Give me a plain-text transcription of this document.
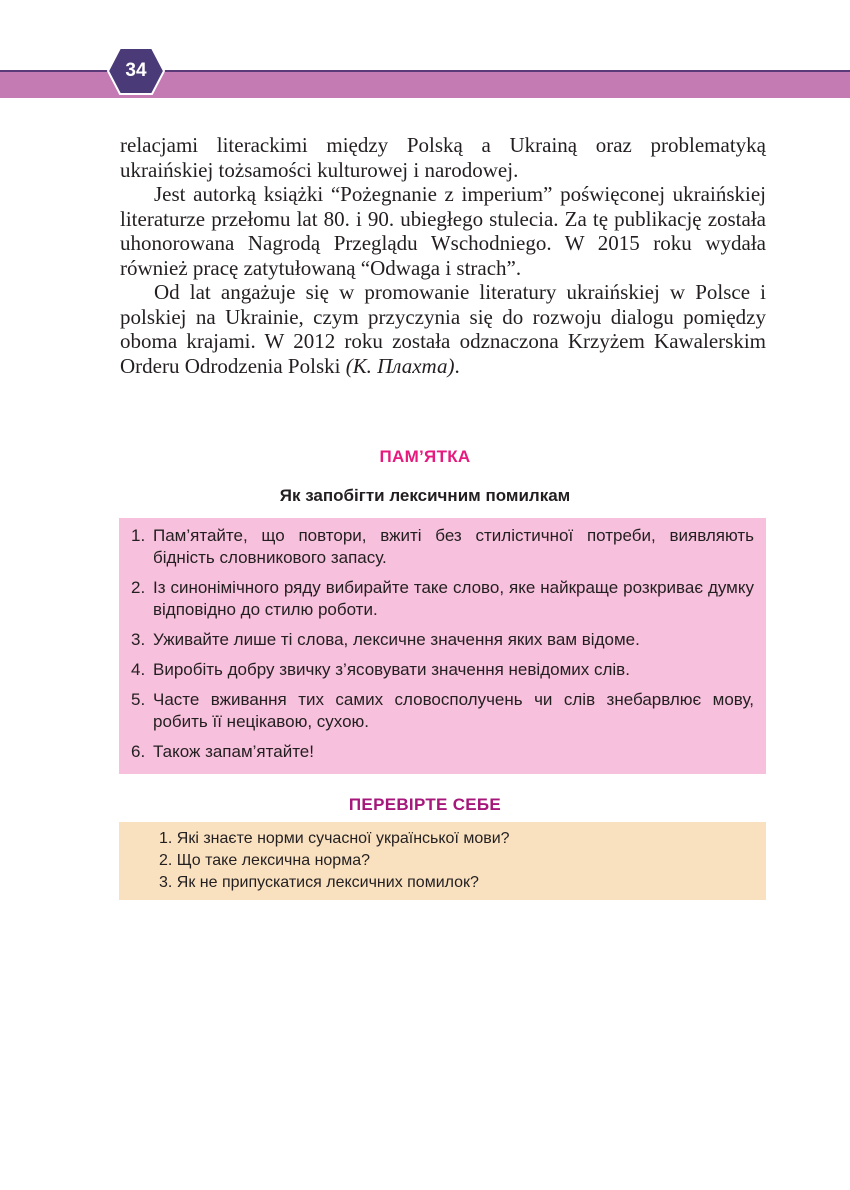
34

relacjami literackimi między Polską a Ukrainą oraz problematyką ukraińskiej tożsamości kulturowej i narodowej.

Jest autorką książki “Pożegnanie z imperium” poświęconej ukraińskiej literaturze przełomu lat 80. i 90. ubiegłego stulecia. Za tę publikację została uhonorowana Nagrodą Przeglądu Wschodniego. W 2015 roku wydała również pracę zatytułowaną “Odwaga i strach”.

Od lat angażuje się w promowanie literatury ukraińskiej w Polsce i polskiej na Ukrainie, czym przyczynia się do rozwoju dialogu pomiędzy oboma krajami. W 2012 roku została odznaczona Krzyżem Kawalerskim Orderu Odrodzenia Polski (К. Плахта).

ПАМ’ЯТКА
Як запобігти лексичним помилкам
1. Пам’ятайте, що повтори, вжиті без стилістичної потреби, виявляють бідність словникового запасу.
2. Із синонімічного ряду вибирайте таке слово, яке найкраще розкриває думку відповідно до стилю роботи.
3. Уживайте лише ті слова, лексичне значення яких вам відоме.
4. Виробіть добру звичку з’ясовувати значення невідомих слів.
5. Часте вживання тих самих словосполучень чи слів знебарвлює мову, робить її нецікавою, сухою.
6. Також запам’ятайте!
ПЕРЕВІРТЕ СЕБЕ
1. Які знаєте норми сучасної української мови?
2. Що таке лексична норма?
3. Як не припускатися лексичних помилок?
